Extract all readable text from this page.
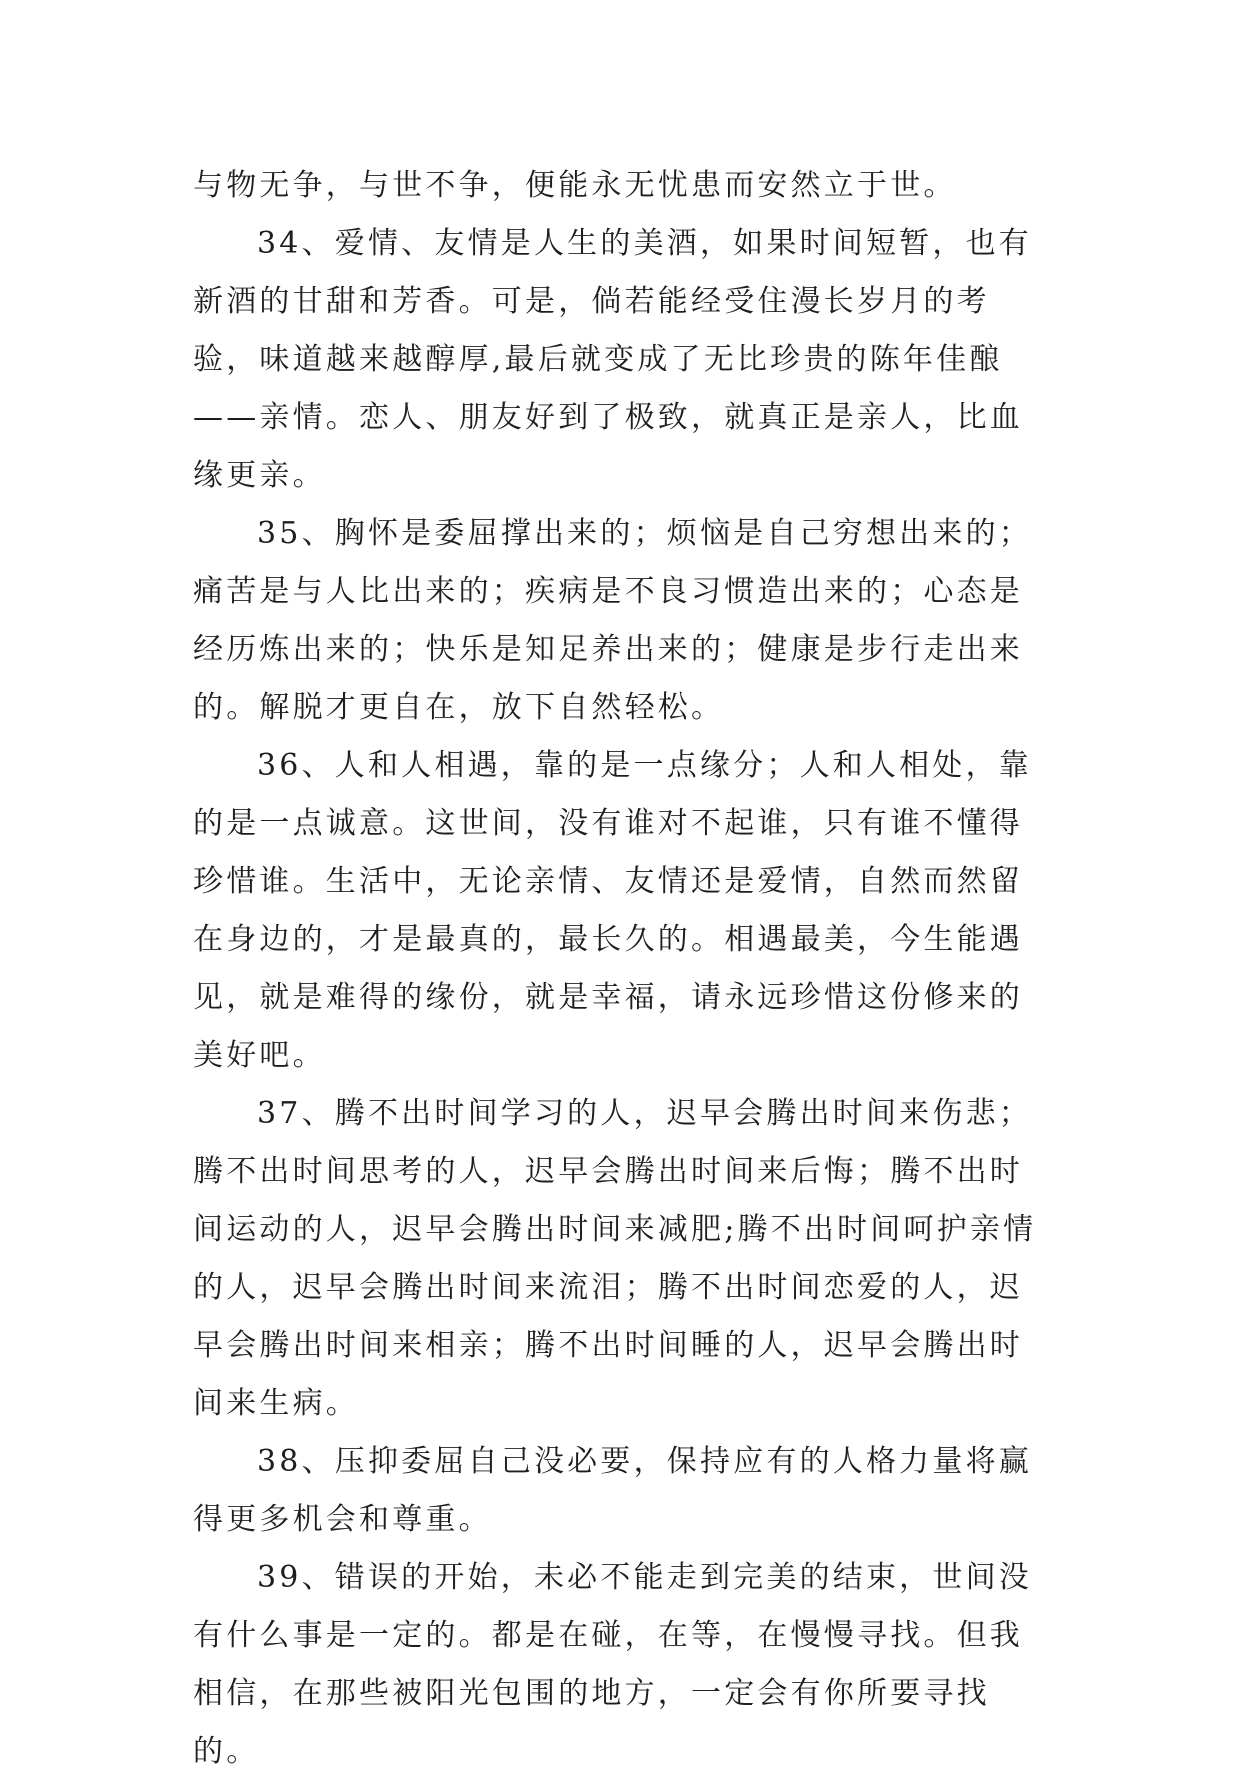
与物无争，与世不争，便能永无忧患而安然立于世。

34、爱情、友情是人生的美酒，如果时间短暂，也有新酒的甘甜和芳香。可是，倘若能经受住漫长岁月的考验，味道越来越醇厚,最后就变成了无比珍贵的陈年佳酿——亲情。恋人、朋友好到了极致，就真正是亲人，比血缘更亲。

35、胸怀是委屈撑出来的；烦恼是自己穷想出来的；痛苦是与人比出来的；疾病是不良习惯造出来的；心态是经历炼出来的；快乐是知足养出来的；健康是步行走出来的。解脱才更自在，放下自然轻松。

36、人和人相遇，靠的是一点缘分；人和人相处，靠的是一点诚意。这世间，没有谁对不起谁，只有谁不懂得珍惜谁。生活中，无论亲情、友情还是爱情，自然而然留在身边的，才是最真的，最长久的。相遇最美，今生能遇见，就是难得的缘份，就是幸福，请永远珍惜这份修来的美好吧。

37、腾不出时间学习的人，迟早会腾出时间来伤悲；腾不出时间思考的人，迟早会腾出时间来后悔；腾不出时间运动的人，迟早会腾出时间来减肥;腾不出时间呵护亲情的人，迟早会腾出时间来流泪；腾不出时间恋爱的人，迟早会腾出时间来相亲；腾不出时间睡的人，迟早会腾出时间来生病。

38、压抑委屈自己没必要，保持应有的人格力量将赢得更多机会和尊重。

39、错误的开始，未必不能走到完美的结束，世间没有什么事是一定的。都是在碰，在等，在慢慢寻找。但我相信，在那些被阳光包围的地方，一定会有你所要寻找的。
